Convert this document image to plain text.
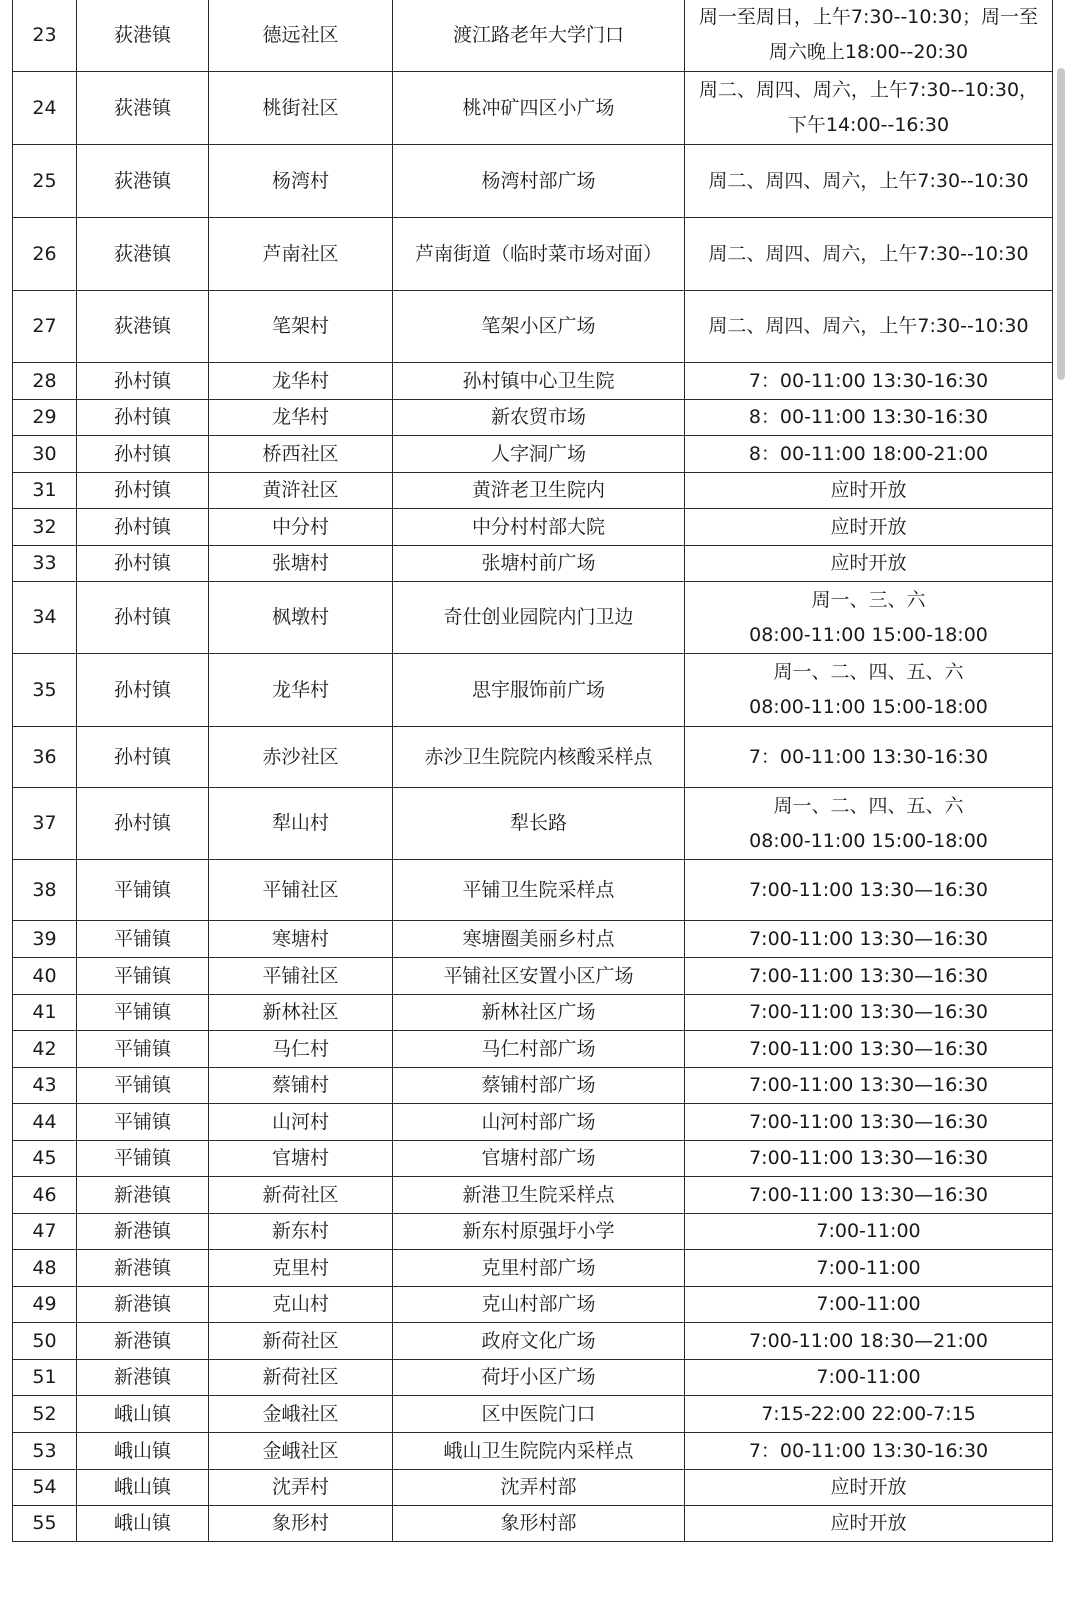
23	荻港镇	德远社区	渡江路老年大学门口	周一至周日，上午7:30--10:30；周一至周六晚上18:00--20:30
24	荻港镇	桃街社区	桃冲矿四区小广场	周二、周四、周六，上午7:30--10:30，下午14:00--16:30
25	荻港镇	杨湾村	杨湾村部广场	周二、周四、周六，上午7:30--10:30
26	荻港镇	芦南社区	芦南街道（临时菜市场对面）	周二、周四、周六，上午7:30--10:30
27	荻港镇	笔架村	笔架小区广场	周二、周四、周六，上午7:30--10:30
28	孙村镇	龙华村	孙村镇中心卫生院	7：00-11:00 13:30-16:30
29	孙村镇	龙华村	新农贸市场	8：00-11:00 13:30-16:30
30	孙村镇	桥西社区	人字洞广场	8：00-11:00 18:00-21:00
31	孙村镇	黄浒社区	黄浒老卫生院内	应时开放
32	孙村镇	中分村	中分村村部大院	应时开放
33	孙村镇	张塘村	张塘村前广场	应时开放
34	孙村镇	枫墩村	奇仕创业园院内门卫边	周一、三、六
08:00-11:00 15:00-18:00
35	孙村镇	龙华村	思宇服饰前广场	周一、二、四、五、六
08:00-11:00 15:00-18:00
36	孙村镇	赤沙社区	赤沙卫生院院内核酸采样点	7：00-11:00 13:30-16:30
37	孙村镇	犁山村	犁长路	周一、二、四、五、六
08:00-11:00 15:00-18:00
38	平铺镇	平铺社区	平铺卫生院采样点	7:00-11:00 13:30—16:30
39	平铺镇	寒塘村	寒塘圈美丽乡村点	7:00-11:00 13:30—16:30
40	平铺镇	平铺社区	平铺社区安置小区广场	7:00-11:00 13:30—16:30
41	平铺镇	新林社区	新林社区广场	7:00-11:00 13:30—16:30
42	平铺镇	马仁村	马仁村部广场	7:00-11:00 13:30—16:30
43	平铺镇	蔡铺村	蔡铺村部广场	7:00-11:00 13:30—16:30
44	平铺镇	山河村	山河村部广场	7:00-11:00 13:30—16:30
45	平铺镇	官塘村	官塘村部广场	7:00-11:00 13:30—16:30
46	新港镇	新荷社区	新港卫生院采样点	7:00-11:00 13:30—16:30
47	新港镇	新东村	新东村原强圩小学	7:00-11:00
48	新港镇	克里村	克里村部广场	7:00-11:00
49	新港镇	克山村	克山村部广场	7:00-11:00
50	新港镇	新荷社区	政府文化广场	7:00-11:00 18:30—21:00
51	新港镇	新荷社区	荷圩小区广场	7:00-11:00
52	峨山镇	金峨社区	区中医院门口	7:15-22:00 22:00-7:15
53	峨山镇	金峨社区	峨山卫生院院内采样点	7：00-11:00 13:30-16:30
54	峨山镇	沈弄村	沈弄村部	应时开放
55	峨山镇	象形村	象形村部	应时开放
